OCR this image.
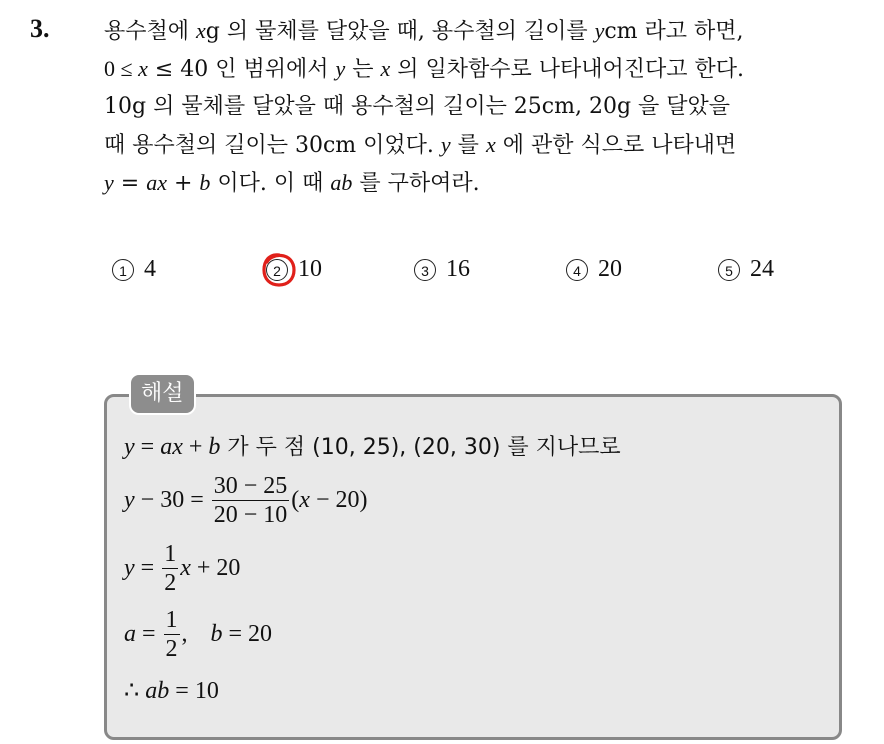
3. 용수철에 xg 의 물체를 달았을 때, 용수철의 길이를 ycm 라고 하면,
0 ≤ x ≤ 40 인 범위에서 y 는 x 의 일차함수로 나타내어진다고 한다.
10g 의 물체를 달았을 때 용수철의 길이는 25cm, 20g 을 달았을
때 용수철의 길이는 30cm 이었다. y 를 x 에 관한 식으로 나타내면
y = ax + b 이다. 이 때 ab 를 구하여라.
1 4	2 10	3 16	4 20	5 24
해설
y = ax + b 가 두 점 (10, 25), (20, 30) 를 지나므로
$y - 30 = \frac{30 - 25}{20 - 10} (x - 20)$
$y = \frac{1}{2}$ x + 20
$a = \frac{1}{2}$ , b = 20
∴ ab = 10
